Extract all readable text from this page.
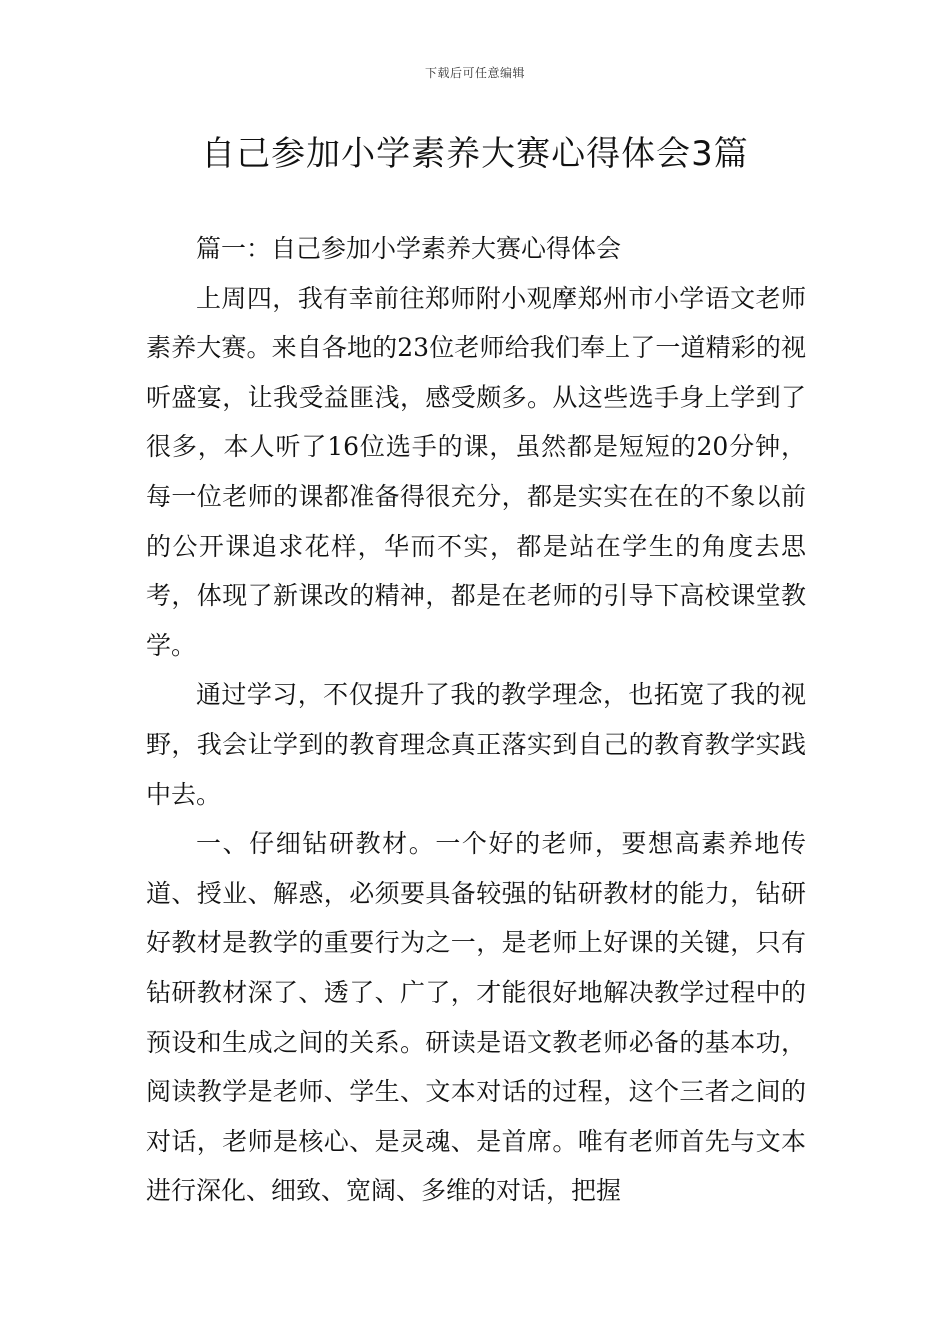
下载后可任意编辑
自己参加小学素养大赛心得体会3篇

篇一：自己参加小学素养大赛心得体会

上周四，我有幸前往郑师附小观摩郑州市小学语文老师素养大赛。来自各地的23位老师给我们奉上了一道精彩的视听盛宴，让我受益匪浅，感受颇多。从这些选手身上学到了很多，本人听了16位选手的课，虽然都是短短的20分钟，每一位老师的课都准备得很充分，都是实实在在的不象以前的公开课追求花样，华而不实，都是站在学生的角度去思考，体现了新课改的精神，都是在老师的引导下高校课堂教学。

通过学习，不仅提升了我的教学理念，也拓宽了我的视野，我会让学到的教育理念真正落实到自己的教育教学实践中去。

一、仔细钻研教材。一个好的老师，要想高素养地传道、授业、解惑，必须要具备较强的钻研教材的能力，钻研好教材是教学的重要行为之一，是老师上好课的关键，只有钻研教材深了、透了、广了，才能很好地解决教学过程中的预设和生成之间的关系。研读是语文教老师必备的基本功，阅读教学是老师、学生、文本对话的过程，这个三者之间的对话，老师是核心、是灵魂、是首席。唯有老师首先与文本进行深化、细致、宽阔、多维的对话，把握
